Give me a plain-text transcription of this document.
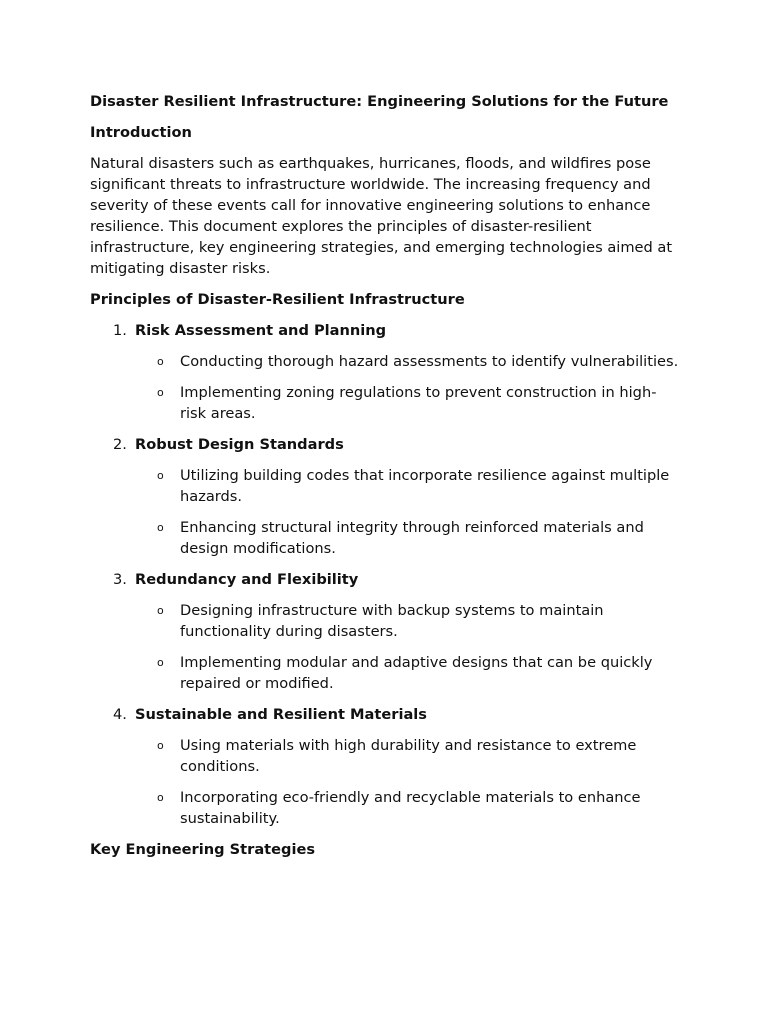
Disaster Resilient Infrastructure: Engineering Solutions for the Future

Introduction

Natural disasters such as earthquakes, hurricanes, floods, and wildfires pose significant threats to infrastructure worldwide. The increasing frequency and severity of these events call for innovative engineering solutions to enhance resilience. This document explores the principles of disaster-resilient infrastructure, key engineering strategies, and emerging technologies aimed at mitigating disaster risks.

Principles of Disaster-Resilient Infrastructure

1. Risk Assessment and Planning
o Conducting thorough hazard assessments to identify vulnerabilities.
o Implementing zoning regulations to prevent construction in high-risk areas.
2. Robust Design Standards
o Utilizing building codes that incorporate resilience against multiple hazards.
o Enhancing structural integrity through reinforced materials and design modifications.
3. Redundancy and Flexibility
o Designing infrastructure with backup systems to maintain functionality during disasters.
o Implementing modular and adaptive designs that can be quickly repaired or modified.
4. Sustainable and Resilient Materials
o Using materials with high durability and resistance to extreme conditions.
o Incorporating eco-friendly and recyclable materials to enhance sustainability.

Key Engineering Strategies
